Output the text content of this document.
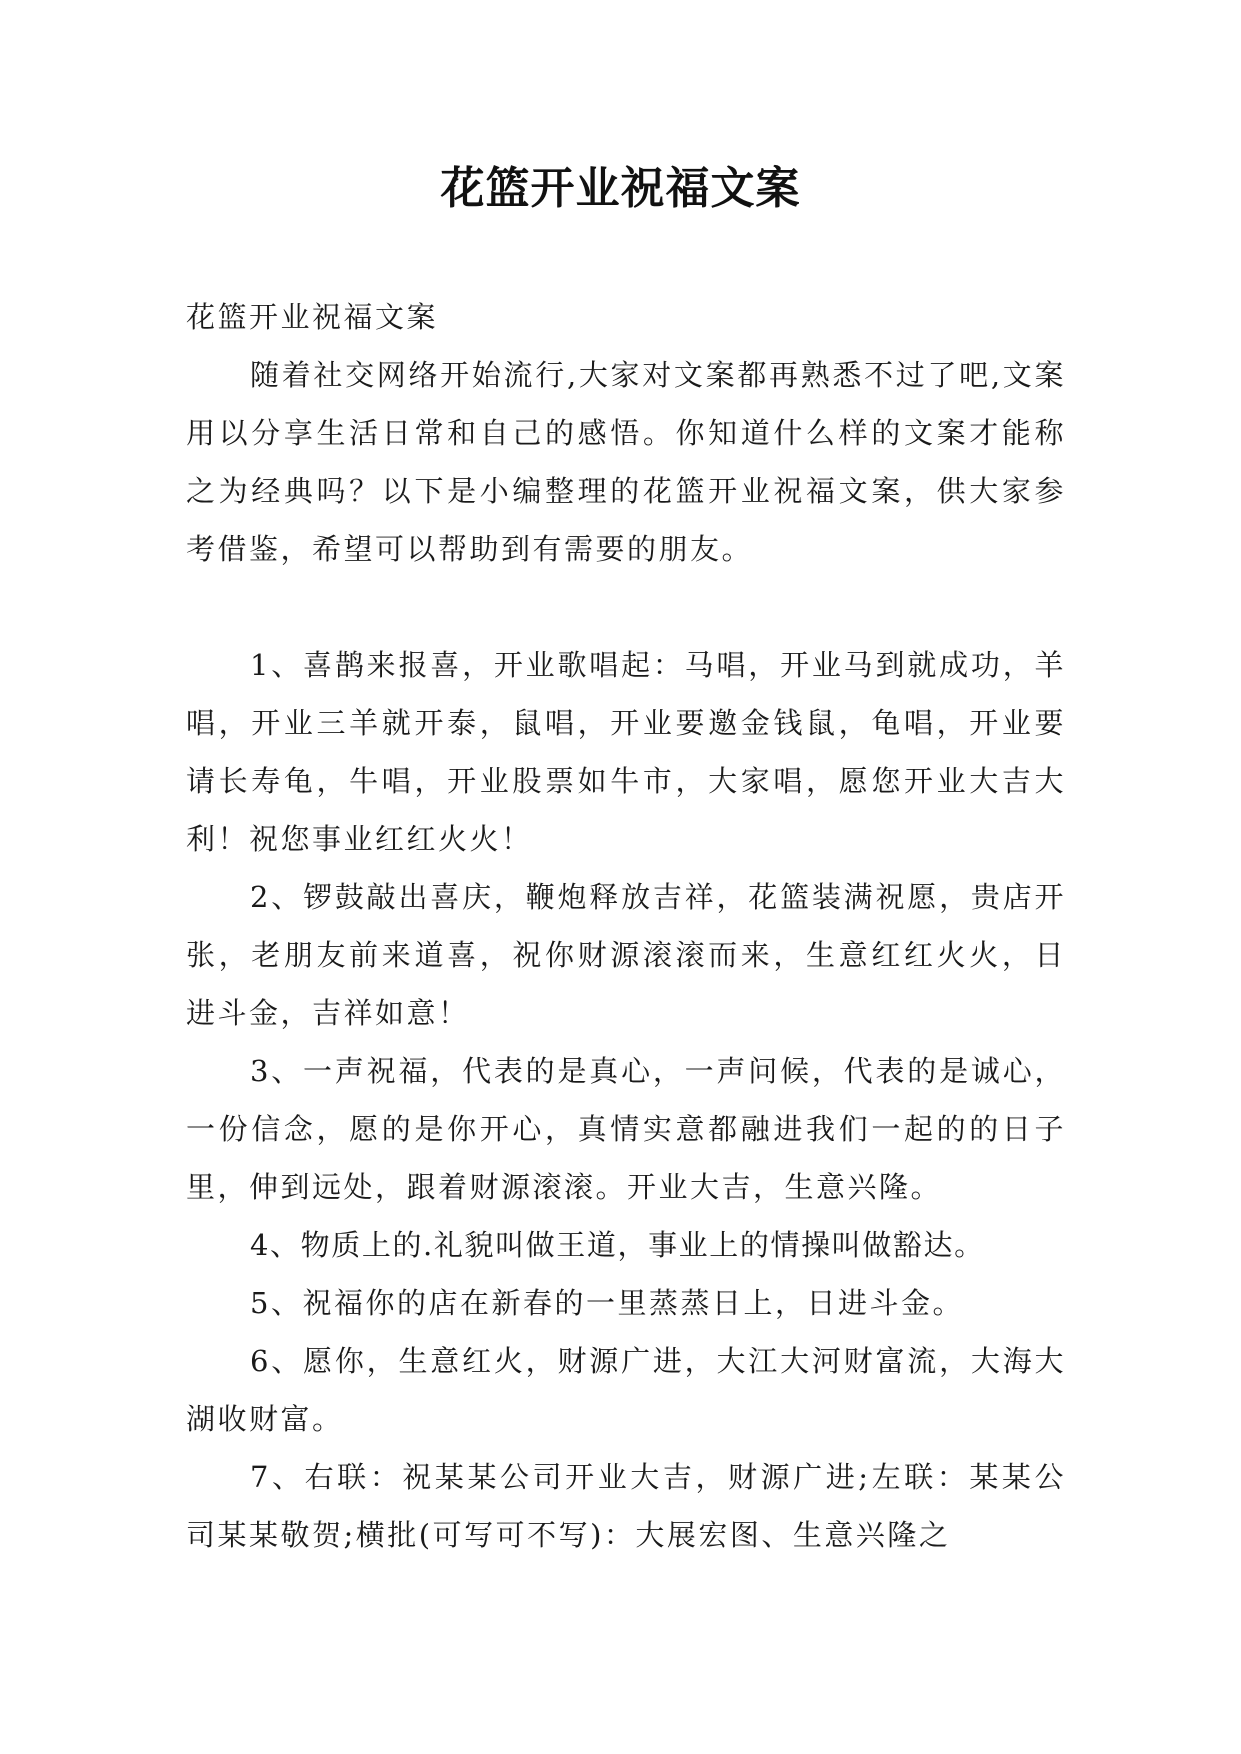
花篮开业祝福文案

花篮开业祝福文案

随着社交网络开始流行,大家对文案都再熟悉不过了吧,文案用以分享生活日常和自己的感悟。你知道什么样的文案才能称之为经典吗？以下是小编整理的花篮开业祝福文案，供大家参考借鉴，希望可以帮助到有需要的朋友。

1、喜鹊来报喜，开业歌唱起：马唱，开业马到就成功，羊唱，开业三羊就开泰，鼠唱，开业要邀金钱鼠，龟唱，开业要请长寿龟，牛唱，开业股票如牛市，大家唱，愿您开业大吉大利！祝您事业红红火火！

2、锣鼓敲出喜庆，鞭炮释放吉祥，花篮装满祝愿，贵店开张，老朋友前来道喜，祝你财源滚滚而来，生意红红火火，日进斗金，吉祥如意！

3、一声祝福，代表的是真心，一声问候，代表的是诚心，一份信念，愿的是你开心，真情实意都融进我们一起的的日子里，伸到远处，跟着财源滚滚。开业大吉，生意兴隆。

4、物质上的.礼貌叫做王道，事业上的情操叫做豁达。

5、祝福你的店在新春的一里蒸蒸日上，日进斗金。

6、愿你，生意红火，财源广进，大江大河财富流，大海大湖收财富。

7、右联：祝某某公司开业大吉，财源广进;左联：某某公司某某敬贺;横批(可写可不写)：大展宏图、生意兴隆之
